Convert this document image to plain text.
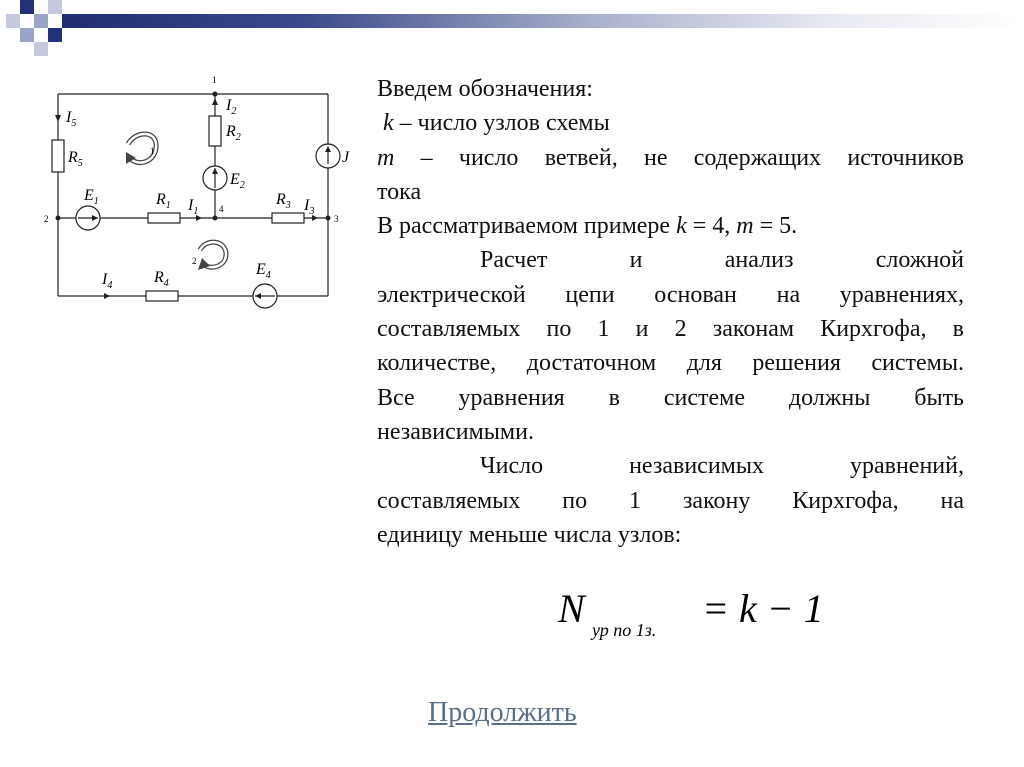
1
2	3
4
$I_5$
$R_5$
$E_1$	$R_1$ $I_1$
$I_2$
$R_2$
$E_2$
$R_3$ $I_3$
J
$I_4$	$R_4$
$E_4$
1
2

Введем обозначения:

k – число узлов схемы

m – число ветвей, не содержащих источников

тока

В рассматриваемом примере k = 4, m = 5.

Расчет и анализ сложной

электрической цепи основан на уравнениях,

составляемых по 1 и 2 законам Кирхгофа, в

количестве, достаточном для решения системы.

Все уравнения в системе должны быть

независимыми.

Число независимых уравнений,

составляемых по 1 закону Кирхгофа, на

единицу меньше числа узлов:

N ур по 1з. = k − 1
Продолжить
